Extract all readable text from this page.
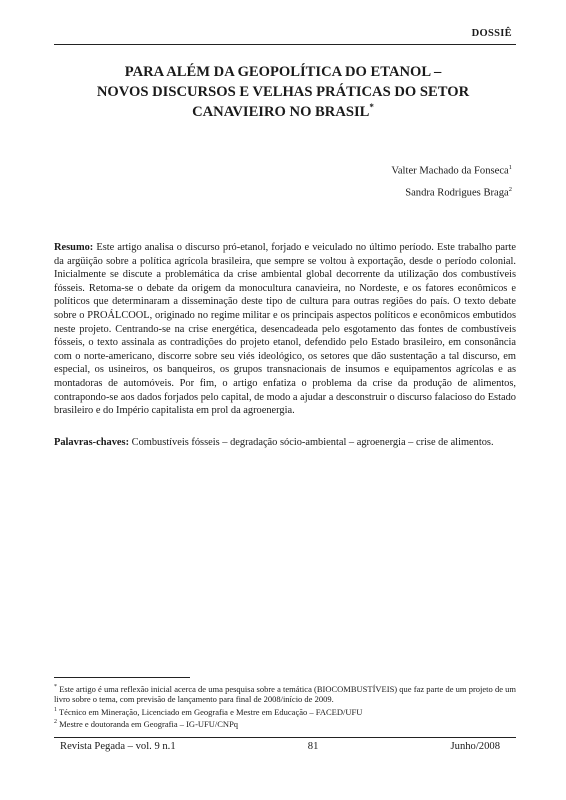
DOSSIÊ
PARA ALÉM DA GEOPOLÍTICA DO ETANOL –
NOVOS DISCURSOS E VELHAS PRÁTICAS DO SETOR
CANAVIEIRO NO BRASIL*
Valter Machado da Fonseca$^1$
Sandra Rodrigues Braga$^2$

Resumo: Este artigo analisa o discurso pró-etanol, forjado e veiculado no último período. Este trabalho parte da argüição sobre a política agrícola brasileira, que sempre se voltou à exportação, desde o período colonial. Inicialmente se discute a problemática da crise ambiental global decorrente da utilização dos combustíveis fósseis. Retoma-se o debate da origem da monocultura canavieira, no Nordeste, e os fatores econômicos e políticos que determinaram a disseminação deste tipo de cultura para outras regiões do país. O texto debate sobre o PROÁLCOOL, originado no regime militar e os principais aspectos políticos e econômicos embutidos neste projeto. Centrando-se na crise energética, desencadeada pelo esgotamento das fontes de combustíveis fósseis, o texto assinala as contradições do projeto etanol, defendido pelo Estado brasileiro, em consonância com o norte-americano, discorre sobre seu viés ideológico, os setores que dão sustentação a tal discurso, em especial, os usineiros, os banqueiros, os grupos transnacionais de insumos e equipamentos agrícolas e as montadoras de automóveis. Por fim, o artigo enfatiza o problema da crise da produção de alimentos, contrapondo-se aos dados forjados pelo capital, de modo a ajudar a desconstruir o discurso falacioso do Estado brasileiro e do Império capitalista em prol da agroenergia.

Palavras-chaves: Combustíveis fósseis – degradação sócio-ambiental – agroenergia – crise de alimentos.

* Este artigo é uma reflexão inicial acerca de uma pesquisa sobre a temática (BIOCOMBUSTÍVEIS) que faz parte de um projeto de um livro sobre o tema, com previsão de lançamento para final de 2008/início de 2009.

$^1$ Técnico em Mineração, Licenciado em Geografia e Mestre em Educação – FACED/UFU

$^2$ Mestre e doutoranda em Geografia – IG-UFU/CNPq

Revista Pegada – vol. 9 n.1	81	Junho/2008
